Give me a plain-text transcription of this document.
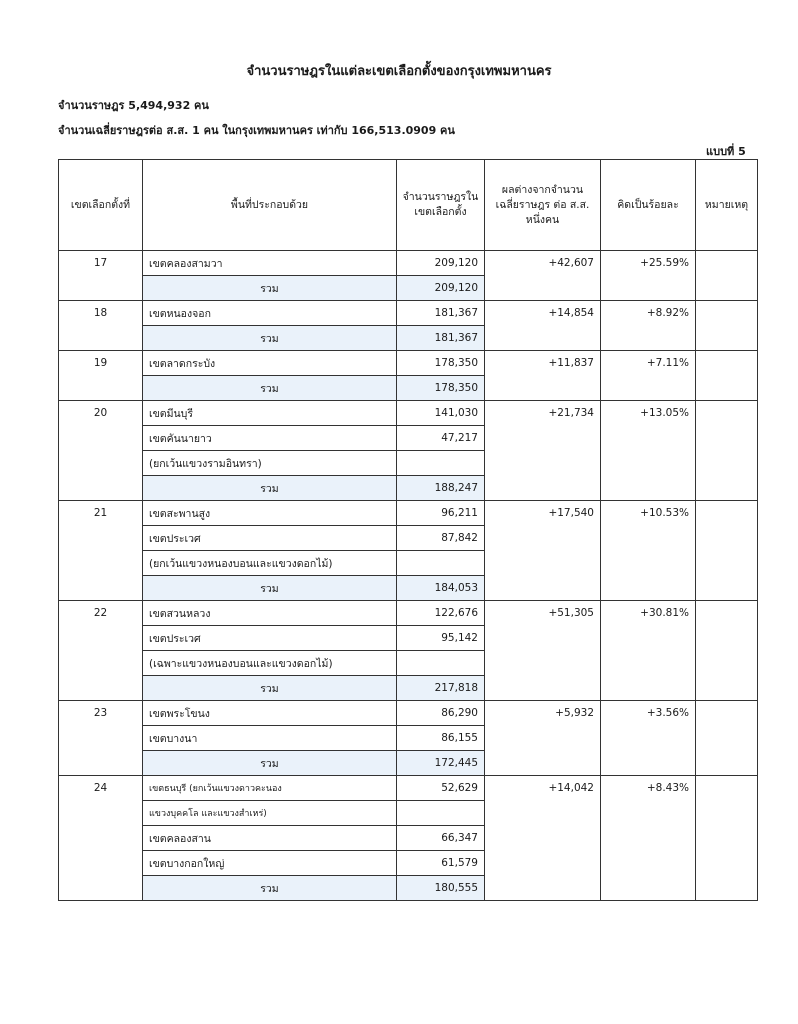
จำนวนราษฎรในแต่ละเขตเลือกตั้งของกรุงเทพมหานคร
จำนวนราษฎร 5,494,932 คน
จำนวนเฉลี่ยราษฎรต่อ ส.ส. 1 คน ในกรุงเทพมหานคร เท่ากับ 166,513.0909 คน
แบบที่ 5
เขตเลือกตั้งที่	พื้นที่ประกอบด้วย	จำนวนราษฎรในเขตเลือกตั้ง	ผลต่างจากจำนวนเฉลี่ยราษฎร ต่อ ส.ส. หนึ่งคน	คิดเป็นร้อยละ	หมายเหตุ
17	เขตคลองสามวา	209,120	+42,607	+25.59%	
	รวม	209,120			
18	เขตหนองจอก	181,367	+14,854	+8.92%	
	รวม	181,367			
19	เขตลาดกระบัง	178,350	+11,837	+7.11%	
	รวม	178,350			
20	เขตมีนบุรี	141,030	+21,734	+13.05%	
	เขตคันนายาว	47,217			
	(ยกเว้นแขวงรามอินทรา)				
	รวม	188,247			
21	เขตสะพานสูง	96,211	+17,540	+10.53%	
	เขตประเวศ	87,842			
	(ยกเว้นแขวงหนองบอนและแขวงดอกไม้)				
	รวม	184,053			
22	เขตสวนหลวง	122,676	+51,305	+30.81%	
	เขตประเวศ	95,142			
	(เฉพาะแขวงหนองบอนและแขวงดอกไม้)				
	รวม	217,818			
23	เขตพระโขนง	86,290	+5,932	+3.56%	
	เขตบางนา	86,155			
	รวม	172,445			
24	เขตธนบุรี (ยกเว้นแขวงดาวคะนอง	52,629	+14,042	+8.43%	
	แขวงบุคคโล และแขวงสำเหร่)				
	เขตคลองสาน	66,347			
	เขตบางกอกใหญ่	61,579			
	รวม	180,555			
